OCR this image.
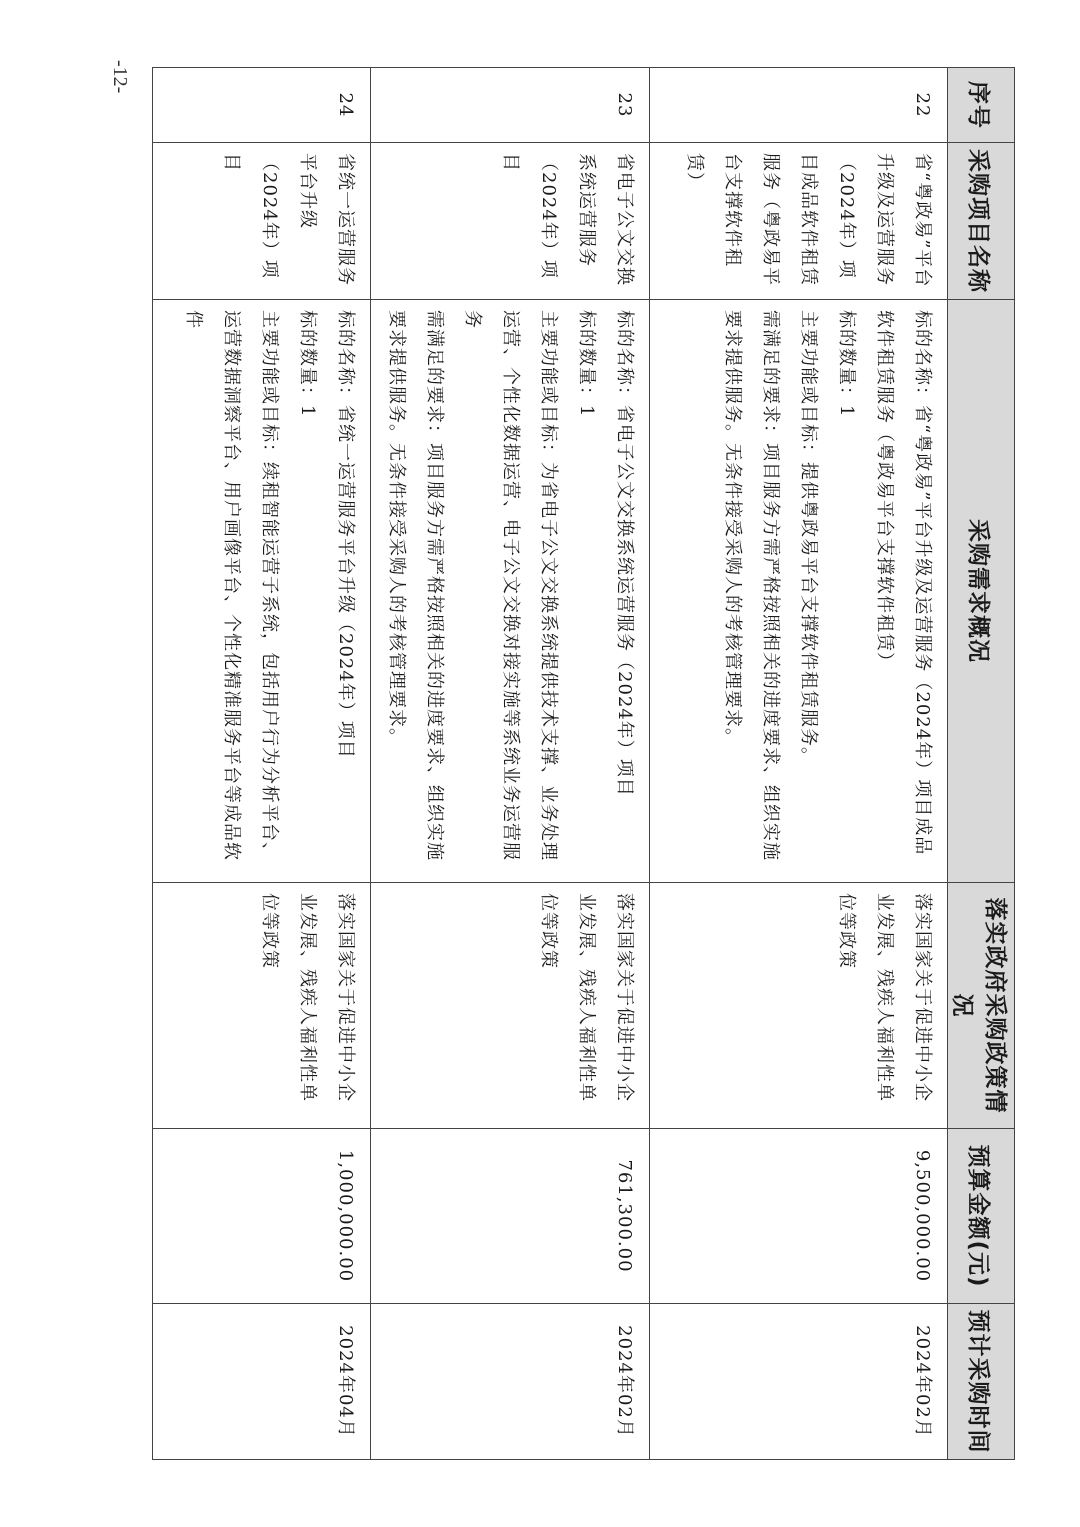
-12-
序号	采购项目名称	采购需求概况	落实政府采购政策情况	预算金额(元)	预计采购时间
22	省“粤政易”平台升级及运营服务（2024年）项目成品软件租赁服务（粤政易平台支撑软件租赁）	标的名称：省“粤政易”平台升级及运营服务（2024年）项目成品软件租赁服务（粤政易平台支撑软件租赁）
标的数量：1
主要功能或目标：提供粤政易平台支撑软件租赁服务。
需满足的要求：项目服务方需严格按照相关的进度要求、组织实施要求提供服务。无条件接受采购人的考核管理要求。	落实国家关于促进中小企业发展、残疾人福利性单位等政策	9,500,000.00	2024年02月
23	省电子公文交换系统运营服务（2024年）项目	标的名称：省电子公文交换系统运营服务（2024年）项目
标的数量：1
主要功能或目标：为省电子公文交换系统提供技术支撑、业务处理运营、个性化数据运营、电子公文交换对接实施等系统业务运营服务
需满足的要求：项目服务方需严格按照相关的进度要求、组织实施要求提供服务。无条件接受采购人的考核管理要求。	落实国家关于促进中小企业发展、残疾人福利性单位等政策	761,300.00	2024年02月
24	省统一运营服务平台升级（2024年）项目	标的名称：省统一运营服务平台升级（2024年）项目
标的数量：1
主要功能或目标：续租智能运营子系统，包括用户行为分析平台、运营数据洞察平台、用户画像平台、个性化精准服务平台等成品软件	落实国家关于促进中小企业发展、残疾人福利性单位等政策	1,000,000.00	2024年04月
